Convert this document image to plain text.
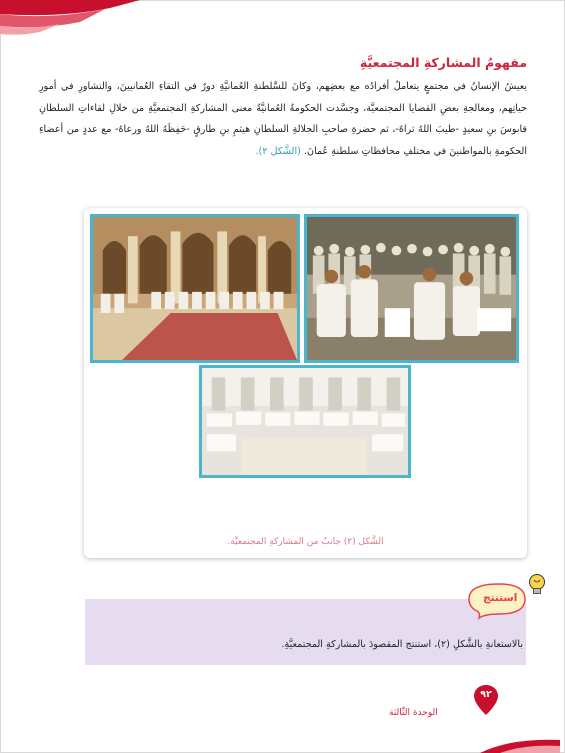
مفهومُ المشاركةِ المجتمعيَّةِ
يعيشُ الإنسانُ في مجتمعٍ يتعاملُ أفرادُه مع بعضِهم، وكانَ للسَّلطنةِ العُمانيَّةِ دورٌ في التقاءِ العُمانيينَ، والتشاورِ في أمورِ حياتِهم، ومعالجةِ بعضِ القضايا المجتمعيَّة، وجسَّدت الحكومةُ العُمانيَّةُ معنى المشاركةِ المجتمعيَّةِ من خلالِ لقاءاتِ السلطانِ قابوسَ بنِ سعيدٍ -طيبَ اللهُ ثراهُ-، ثم حضرةِ صاحبِ الجلالةِ السلطانِ هيثمِ بنِ طارقٍ -حَفِظَهُ اللهُ ورعاهُ- مع عددٍ من أعضاءِ الحكومةِ بالمواطنينَ في مختلفِ محافظاتِ سلطنةِ عُمانَ. (الشَّكل ٢).
الشَّكل (٢) جانبٌ من المشاركةِ المجتمعيَّة.
استنتج
بالاستعانةِ بالشَّكلِ (٢)، استنتج المقصودَ بالمشاركةِ المجتمعيَّةِ.
٩٢
الوحدة الثّالثة
